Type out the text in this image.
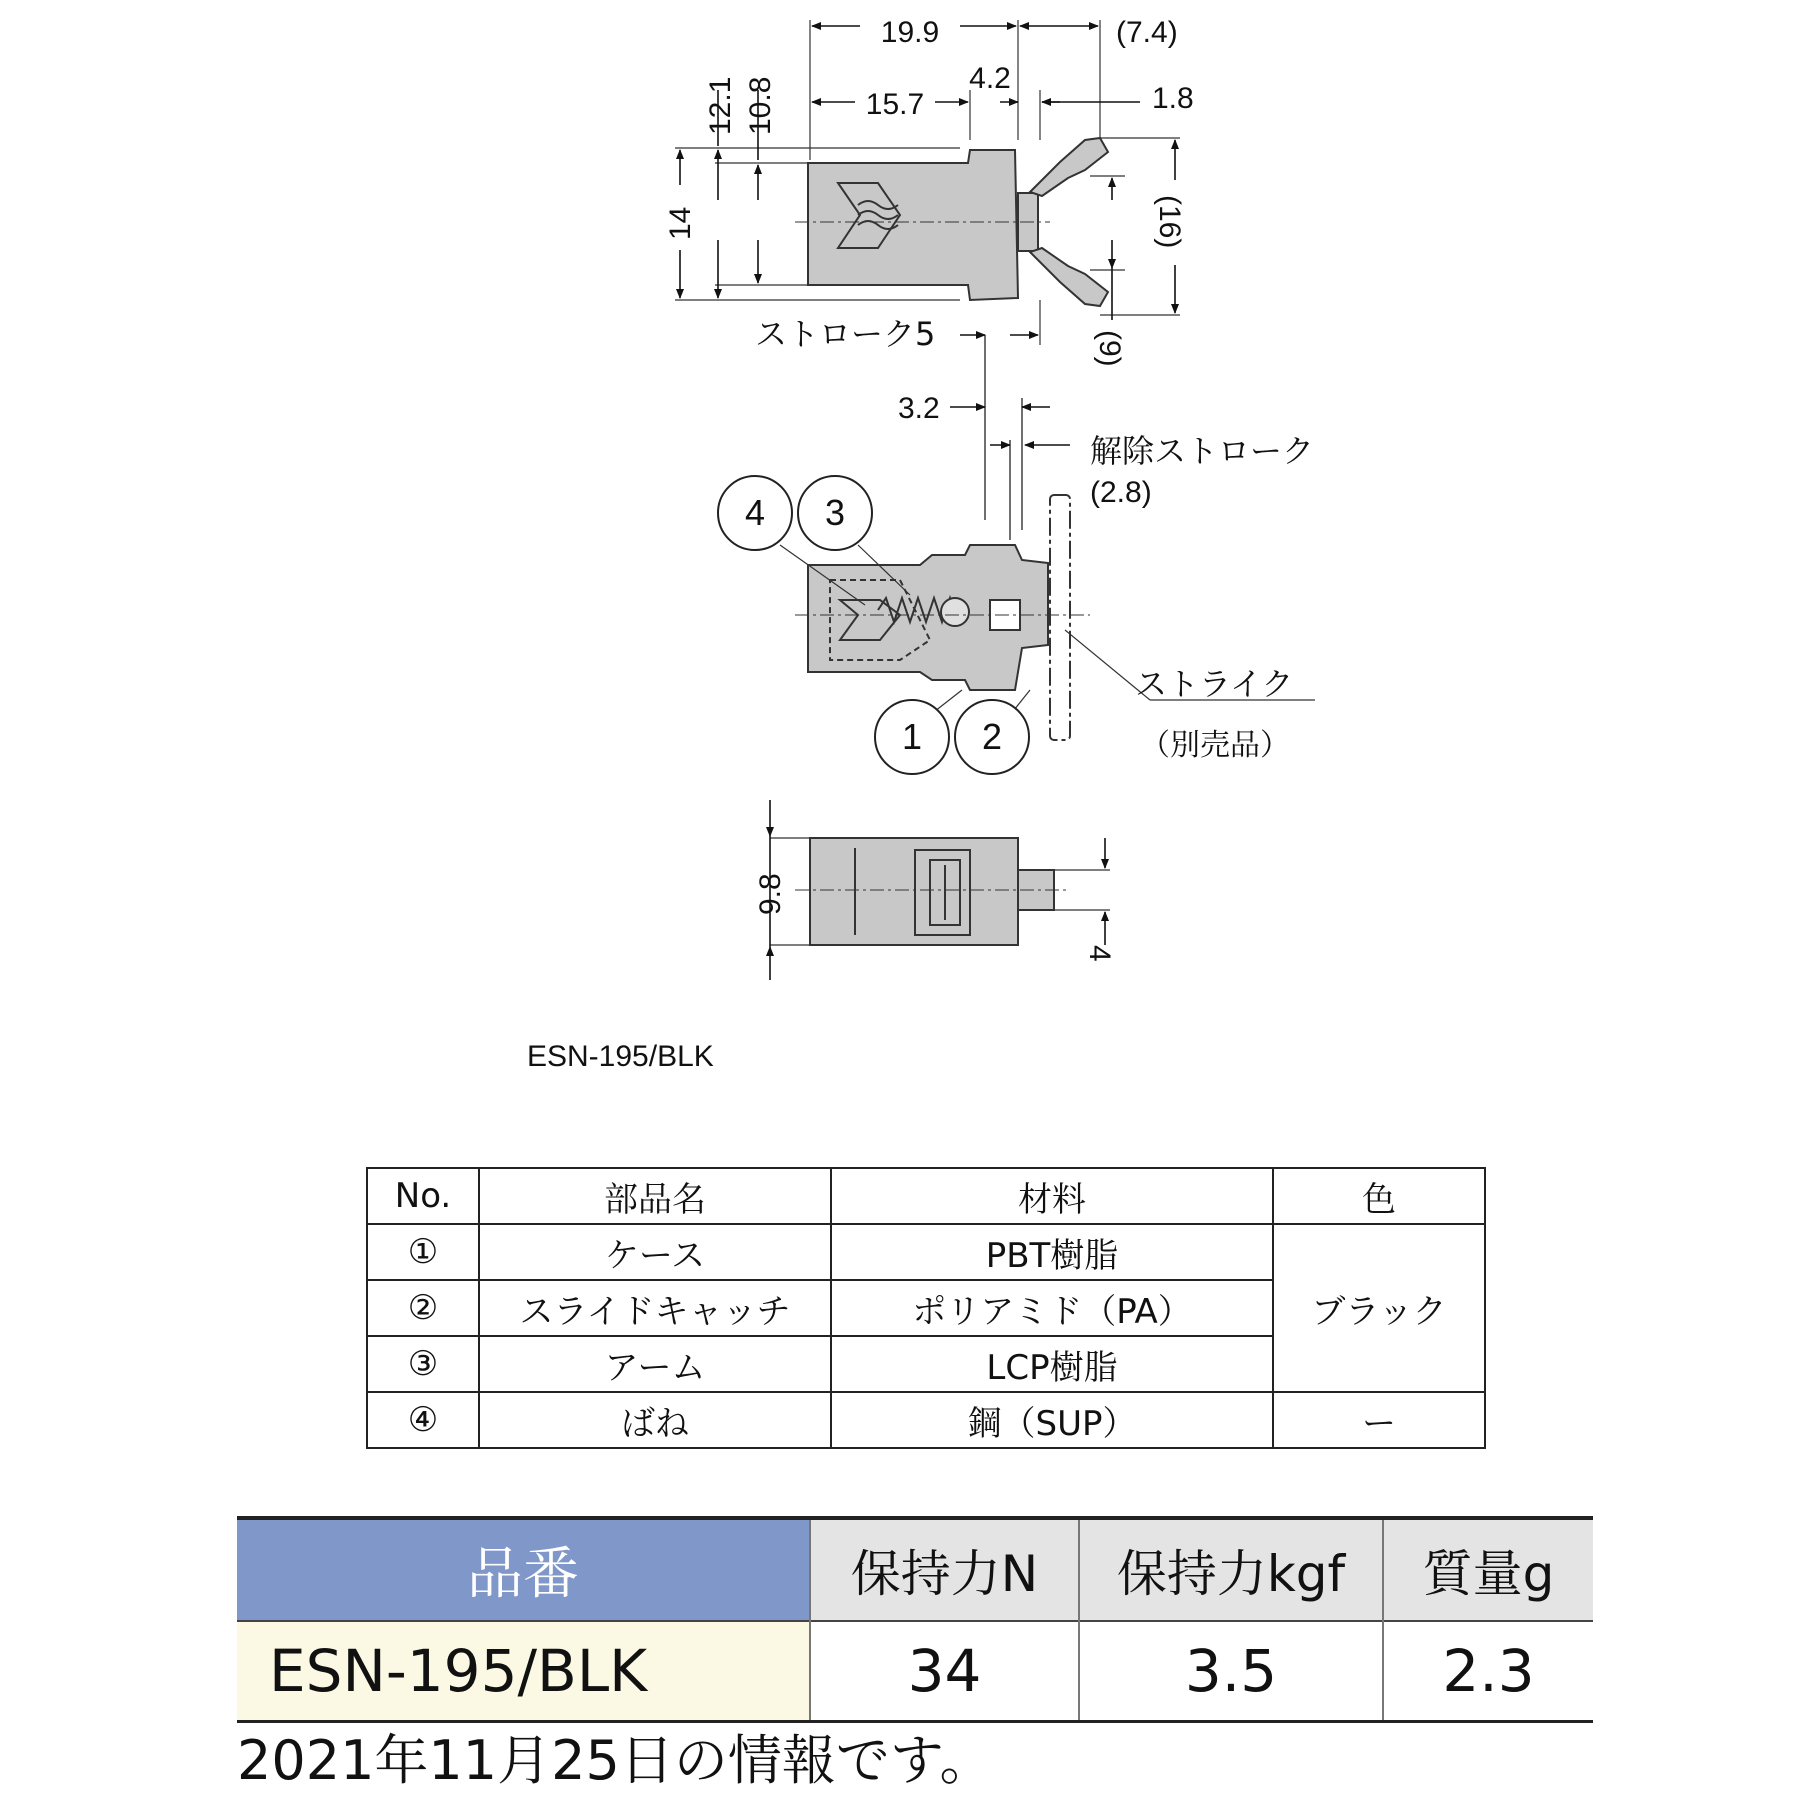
19.9	(7.4)
4.2
15.7	1.8
12.1 10.8
14	(16)
(9)
ストローク5
3.2
解除ストローク
(2.8)
9.8
4
4 3
1 2
ストライク
（別売品）
ESN-195/BLK
No.	部品名	材料	色
①	ケース	PBT樹脂	ブラック
②	スライドキャッチ	ポリアミド（PA）	
③	アーム	LCP樹脂	
④	ばね	鋼（SUP）	ー
品番	保持力N	保持力kgf	質量g
ESN-195/BLK	34	3.5	2.3
2021年11月25日の情報です。
